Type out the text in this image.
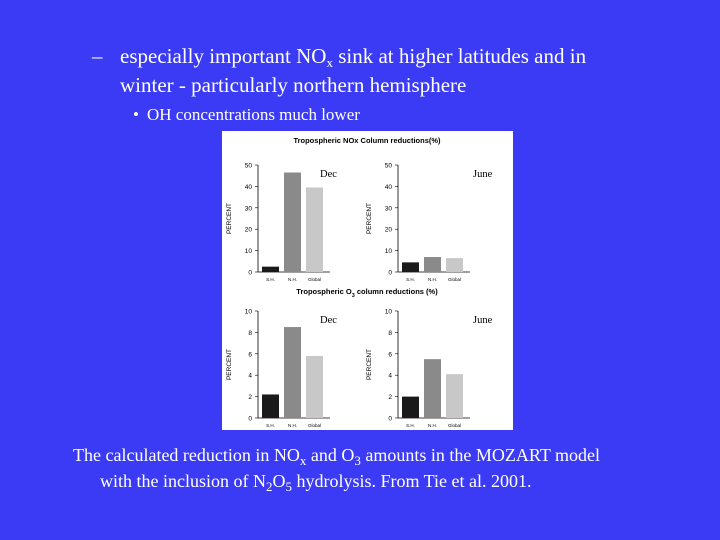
– especially important $NO_x$ sink at higher latitudes and in
winter - particularly northern hemisphere
• OH concentrations much lower
Tropospheric NOx Column reductions(%)
Tropospheric $O_3$ column reductions (%)
0
10
20
30
40
50
PERCENT
S.H.	N.H. Global
Dec
0
10
20
30
40
50
PERCENT
S.H.	N.H. Global
June
0
2
4
6
8
10
PERCENT
S.H.	N.H. Global
Dec
0
2
4
6
8
10
PERCENT
S.H.	N.H. Global
June
The calculated reduction in $NO_x$ and $O_3$ amounts in the MOZART model
with the inclusion of $N_2O_5$ hydrolysis. From Tie et al. 2001.
